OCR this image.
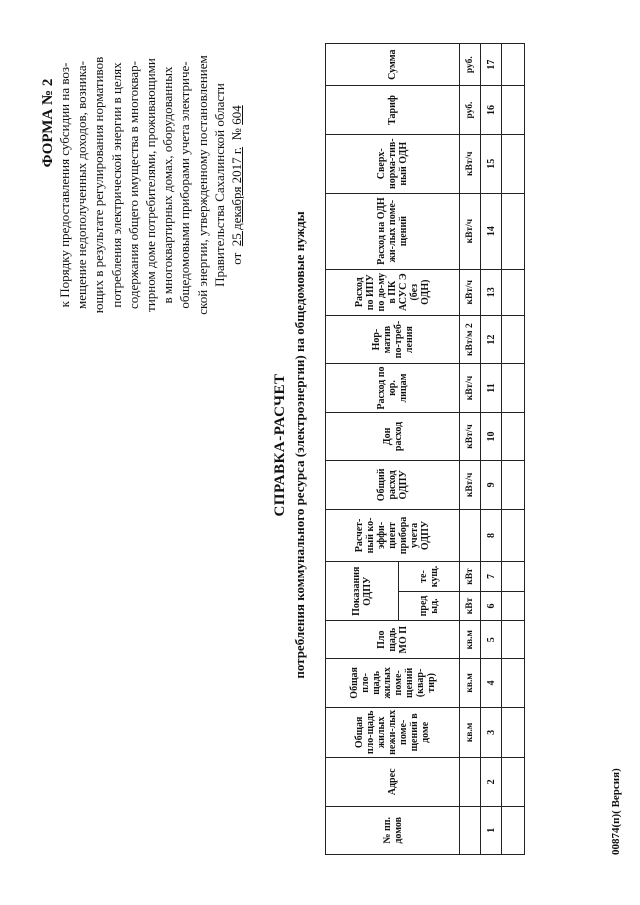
ФОРМА № 2 к Порядку предоставления субсидии на воз- мещение недополученных доходов, возника- ющих в результате регулирования нормативов потребления электрической энергии в целях содержания общего имущества в многоквар- тирном доме потребителями, проживающими в многоквартирных домах, оборудованных общедомовыми приборами учета электриче- ской энергии, утвержденному постановлением Правительства Сахалинской области от  25 декабря 2017 г.  № 604
СПРАВКА-РАСЧЕТ потребления коммунального ресурса (электроэнергии) на общедомовые нужды
№ пп. домов	Адрес	Общая пло-щадь жилых нежи-лых поме-щений в доме	Общая пло-щадь жилых поме-щений (квар-тир)	Пло щадь МО П	Показания ОДПУ		Расчет-ный ко-эффи-циент прибора учета ОДПУ	Общий расход ОДПУ	Дон расход	Расход по юр. лицам	Нор-матив по-треб-ления	Расход по ИПУ по до-му в ПК АСУС Э (без ОДН)	Расход на ОДН жи-лых поме-щений	Сверх-норма-тив-ный ОДН	Тариф	Сумма
					пред ыд.	те-кущ.										
		кв.м	кв.м	кв.м	кВт	кВт		кВт/ч	кВт/ч	кВт/ч	кВт/м 2	кВт/ч	кВт/ч	кВт/ч	руб.	руб.
1	2	3	4	5	6	7	8	9	10	11	12	13	14	15	16	17

00874(п)( Версия)
